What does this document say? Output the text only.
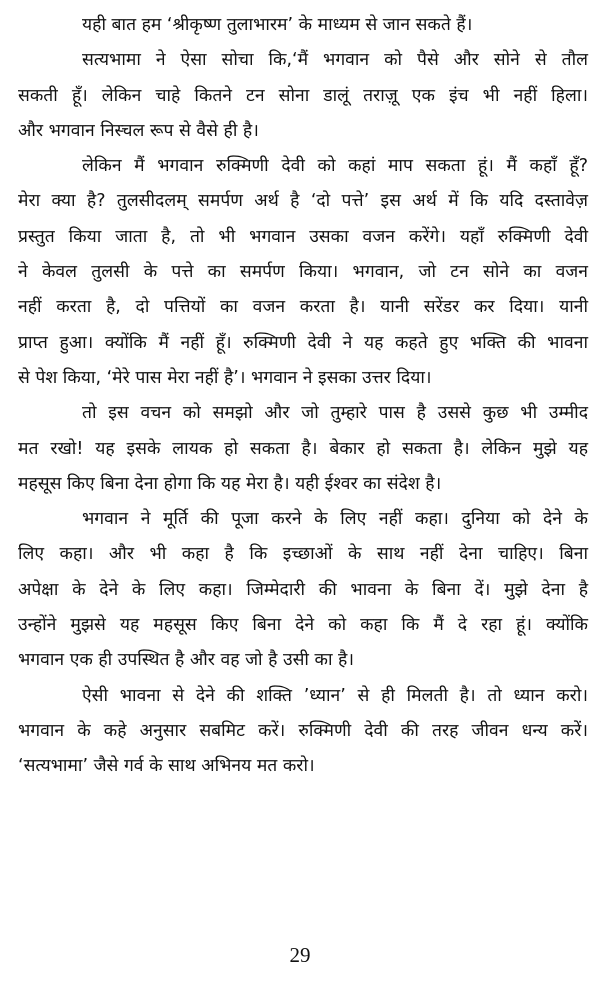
यही बात हम ‘श्रीकृष्ण तुलाभारम’ के माध्यम से जान सकते हैं।
सत्यभामा ने ऐसा सोचा कि,‘मैं भगवान को पैसे और सोने से तौल
सकती हूँ। लेकिन चाहे कितने टन सोना डालूं तराज़ू एक इंच भी नहीं हिला।
और भगवान निस्चल रूप से वैसे ही है।
लेकिन मैं भगवान रुक्मिणी देवी को कहां माप सकता हूं। मैं कहाँ हूँ?
मेरा क्या है? तुलसीदलम् समर्पण अर्थ है ‘दो पत्ते’ इस अर्थ में कि यदि दस्तावेज़
प्रस्तुत किया जाता है, तो भी भगवान उसका वजन करेंगे। यहाँ रुक्मिणी देवी
ने केवल तुलसी के पत्ते का समर्पण किया। भगवान, जो टन सोने का वजन
नहीं करता है, दो पत्तियों का वजन करता है। यानी सरेंडर कर दिया। यानी
प्राप्त हुआ। क्योंकि मैं नहीं हूँ। रुक्मिणी देवी ने यह कहते हुए भक्ति की भावना
से पेश किया, ‘मेरे पास मेरा नहीं है’। भगवान ने इसका उत्तर दिया।
तो इस वचन को समझो और जो तुम्हारे पास है उससे कुछ भी उम्मीद
मत रखो! यह इसके लायक हो सकता है। बेकार हो सकता है। लेकिन मुझे यह
महसूस किए बिना देना होगा कि यह मेरा है। यही ईश्वर का संदेश है।
भगवान ने मूर्ति की पूजा करने के लिए नहीं कहा। दुनिया को देने के
लिए कहा। और भी कहा है कि इच्छाओं के साथ नहीं देना चाहिए। बिना
अपेक्षा के देने के लिए कहा। जिम्मेदारी की भावना के बिना दें। मुझे देना है
उन्होंने मुझसे यह महसूस किए बिना देने को कहा कि मैं दे रहा हूं। क्योंकि
भगवान एक ही उपस्थित है और वह जो है उसी का है।
ऐसी भावना से देने की शक्ति ’ध्यान’ से ही मिलती है। तो ध्यान करो।
भगवान के कहे अनुसार सबमिट करें। रुक्मिणी देवी की तरह जीवन धन्य करें।
‘सत्यभामा’ जैसे गर्व के साथ अभिनय मत करो।
29
